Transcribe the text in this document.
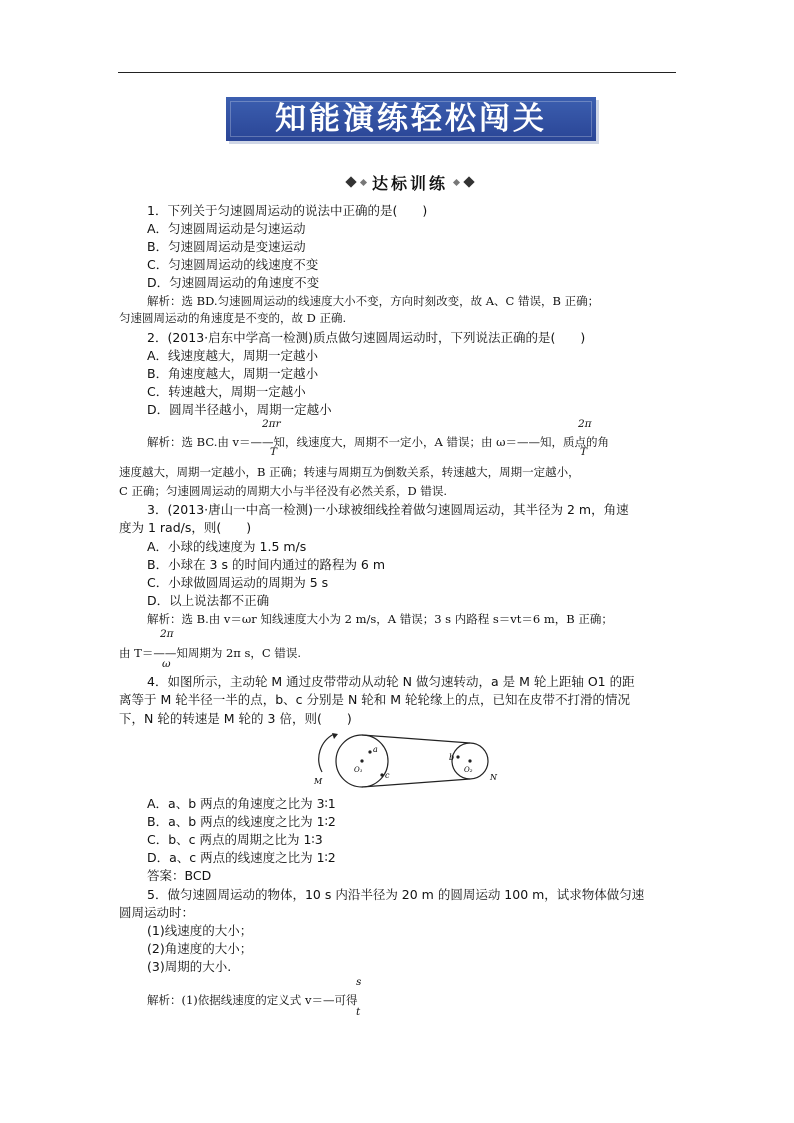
知能演练轻松闯关
达标训练
1．下列关于匀速圆周运动的说法中正确的是(　　)
A．匀速圆周运动是匀速运动
B．匀速圆周运动是变速运动
C．匀速圆周运动的线速度不变
D．匀速圆周运动的角速度不变
解析：选 BD.匀速圆周运动的线速度大小不变，方向时刻改变，故 A、C 错误，B 正确；
匀速圆周运动的角速度是不变的，故 D 正确.
2．(2013·启东中学高一检测)质点做匀速圆周运动时，下列说法正确的是(　　)
A．线速度越大，周期一定越小
B．角速度越大，周期一定越小
C．转速越大，周期一定越小
D．圆周半径越小，周期一定越小
2πr
T
2π
T
解析：选 BC.由 v＝——知，线速度大，周期不一定小，A 错误；由 ω＝——知，质点的角
速度越大，周期一定越小，B 正确；转速与周期互为倒数关系，转速越大，周期一定越小，
C 正确；匀速圆周运动的周期大小与半径没有必然关系，D 错误.
3．(2013·唐山一中高一检测)一小球被细线拴着做匀速圆周运动，其半径为 2 m，角速
度为 1 rad/s，则(　　)
A．小球的线速度为 1.5 m/s
B．小球在 3 s 的时间内通过的路程为 6 m
C．小球做圆周运动的周期为 5 s
D．以上说法都不正确
解析：选 B.由 v＝ωr 知线速度大小为 2 m/s，A 错误；3 s 内路程 s＝vt＝6 m，B 正确；
2π
ω
由 T＝——知周期为 2π s，C 错误.
4．如图所示，主动轮 M 通过皮带带动从动轮 N 做匀速转动，a 是 M 轮上距轴 O1 的距
离等于 M 轮半径一半的点，b、c 分别是 N 轮和 M 轮轮缘上的点，已知在皮带不打滑的情况
下，N 轮的转速是 M 轮的 3 倍，则(　　)
M
a
O₁
c
b
O₂
N
A．a、b 两点的角速度之比为 3∶1
B．a、b 两点的线速度之比为 1∶2
C．b、c 两点的周期之比为 1∶3
D．a、c 两点的线速度之比为 1∶2
答案：BCD
5．做匀速圆周运动的物体，10 s 内沿半径为 20 m 的圆周运动 100 m，试求物体做匀速
圆周运动时：
(1)线速度的大小；
(2)角速度的大小；
(3)周期的大小.
s
t
解析：(1)依据线速度的定义式 v＝—可得
